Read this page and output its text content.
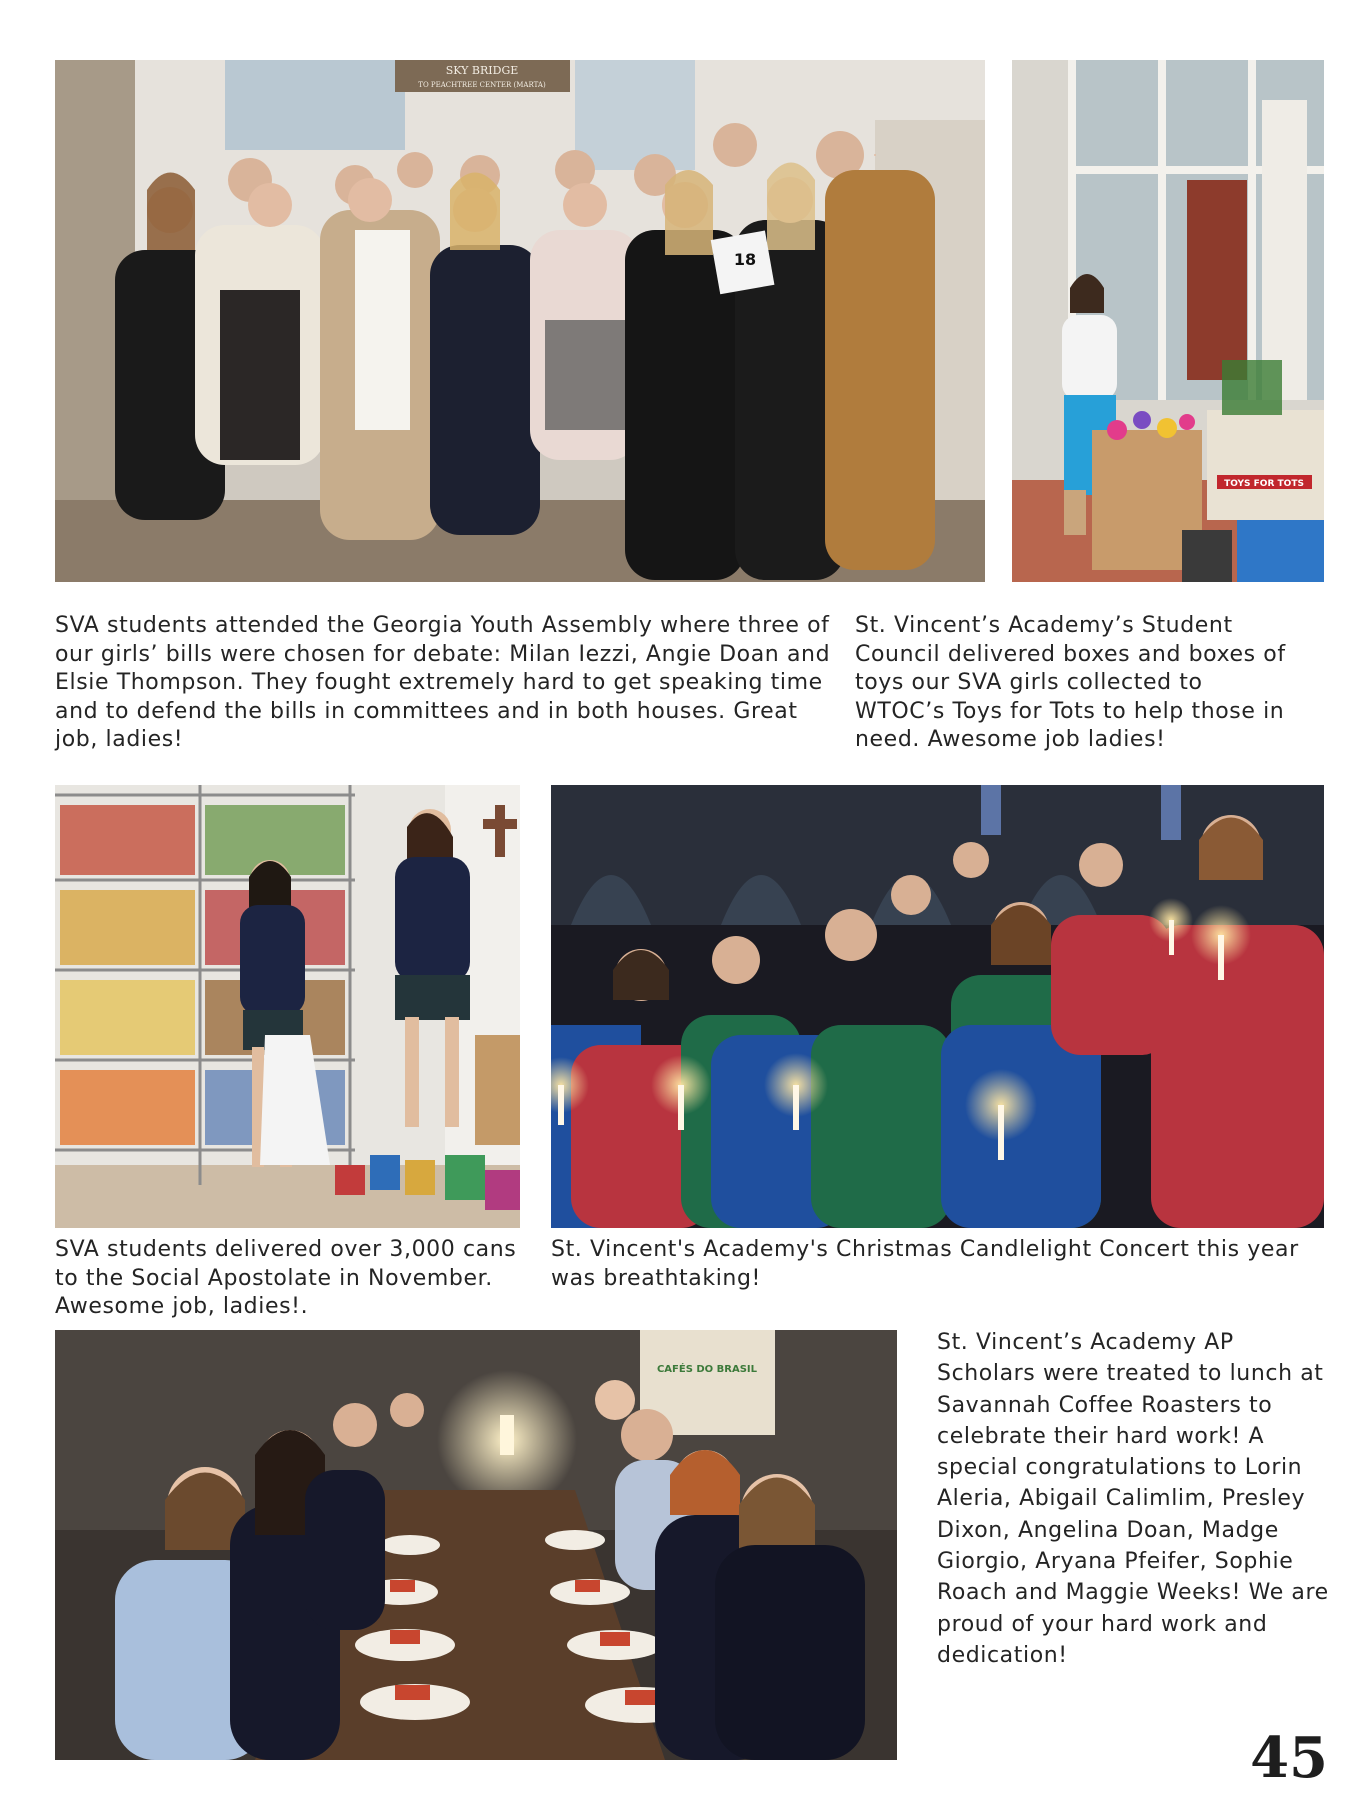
SKY BRIDGE
TO PEACHTREE CENTER (MARTA)
18
TOYS FOR TOTS

SVA students attended the Georgia Youth Assembly where three of our girls’ bills were chosen for debate: Milan Iezzi, Angie Doan and Elsie Thompson. They fought extremely hard to get speaking time and to defend the bills in committees and in both houses. Great job, ladies!

St. Vincent’s Academy’s Student Council delivered boxes and boxes of toys our SVA girls collected to WTOC’s Toys for Tots to help those in need. Awesome job ladies!

SVA students delivered over 3,000 cans to the Social Apostolate in November. Awesome job, ladies!.

St. Vincent's Academy's Christmas Candlelight Concert this year was breathtaking!

CAFÉS DO BRASIL

St. Vincent’s Academy AP Scholars were treated to lunch at Savannah Coffee Roasters to celebrate their hard work! A special congratulations to Lorin Aleria, Abigail Calimlim, Presley Dixon, Angelina Doan, Madge Giorgio, Aryana Pfeifer, Sophie Roach and Maggie Weeks! We are proud of your hard work and dedication!

45
